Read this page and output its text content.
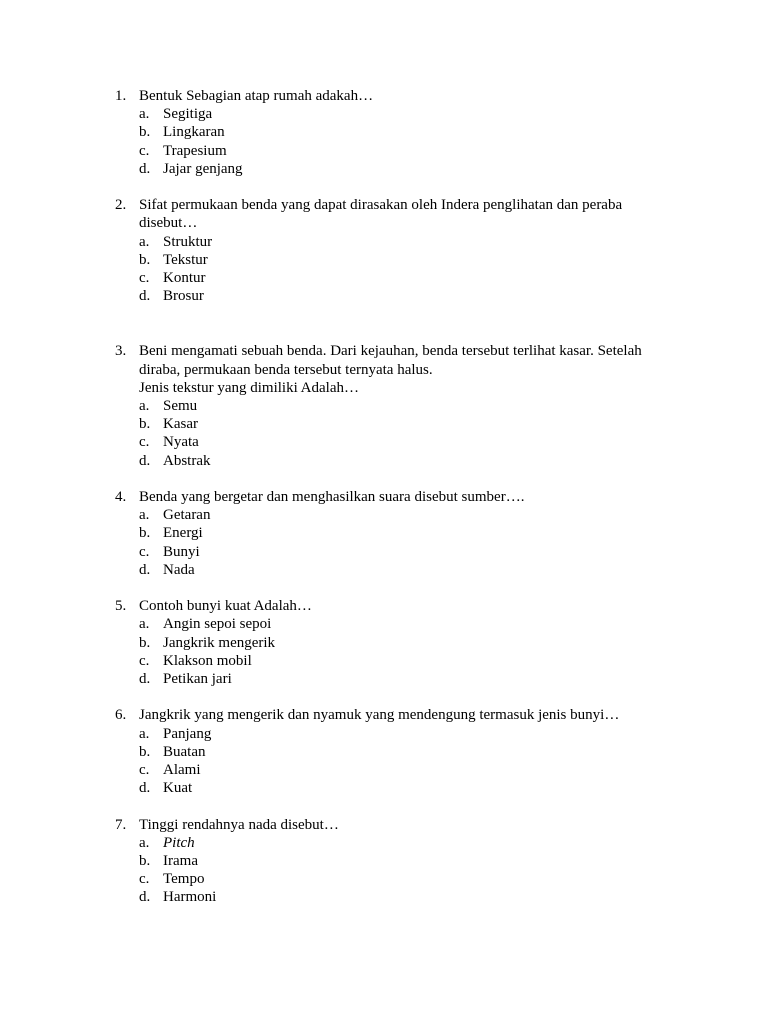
1. Bentuk Sebagian atap rumah adakah…
a. Segitiga
b. Lingkaran
c. Trapesium
d. Jajar genjang
2. Sifat permukaan benda yang dapat dirasakan oleh Indera penglihatan dan peraba
disebut…
a. Struktur
b. Tekstur
c. Kontur
d. Brosur
3. Beni mengamati sebuah benda. Dari kejauhan, benda tersebut terlihat kasar. Setelah
diraba, permukaan benda tersebut ternyata halus.
Jenis tekstur yang dimiliki Adalah…
a. Semu
b. Kasar
c. Nyata
d. Abstrak
4. Benda yang bergetar dan menghasilkan suara disebut sumber….
a. Getaran
b. Energi
c. Bunyi
d. Nada
5. Contoh bunyi kuat Adalah…
a. Angin sepoi sepoi
b. Jangkrik mengerik
c. Klakson mobil
d. Petikan jari
6. Jangkrik yang mengerik dan nyamuk yang mendengung termasuk jenis bunyi…
a. Panjang
b. Buatan
c. Alami
d. Kuat
7. Tinggi rendahnya nada disebut…
a. Pitch
b. Irama
c. Tempo
d. Harmoni
